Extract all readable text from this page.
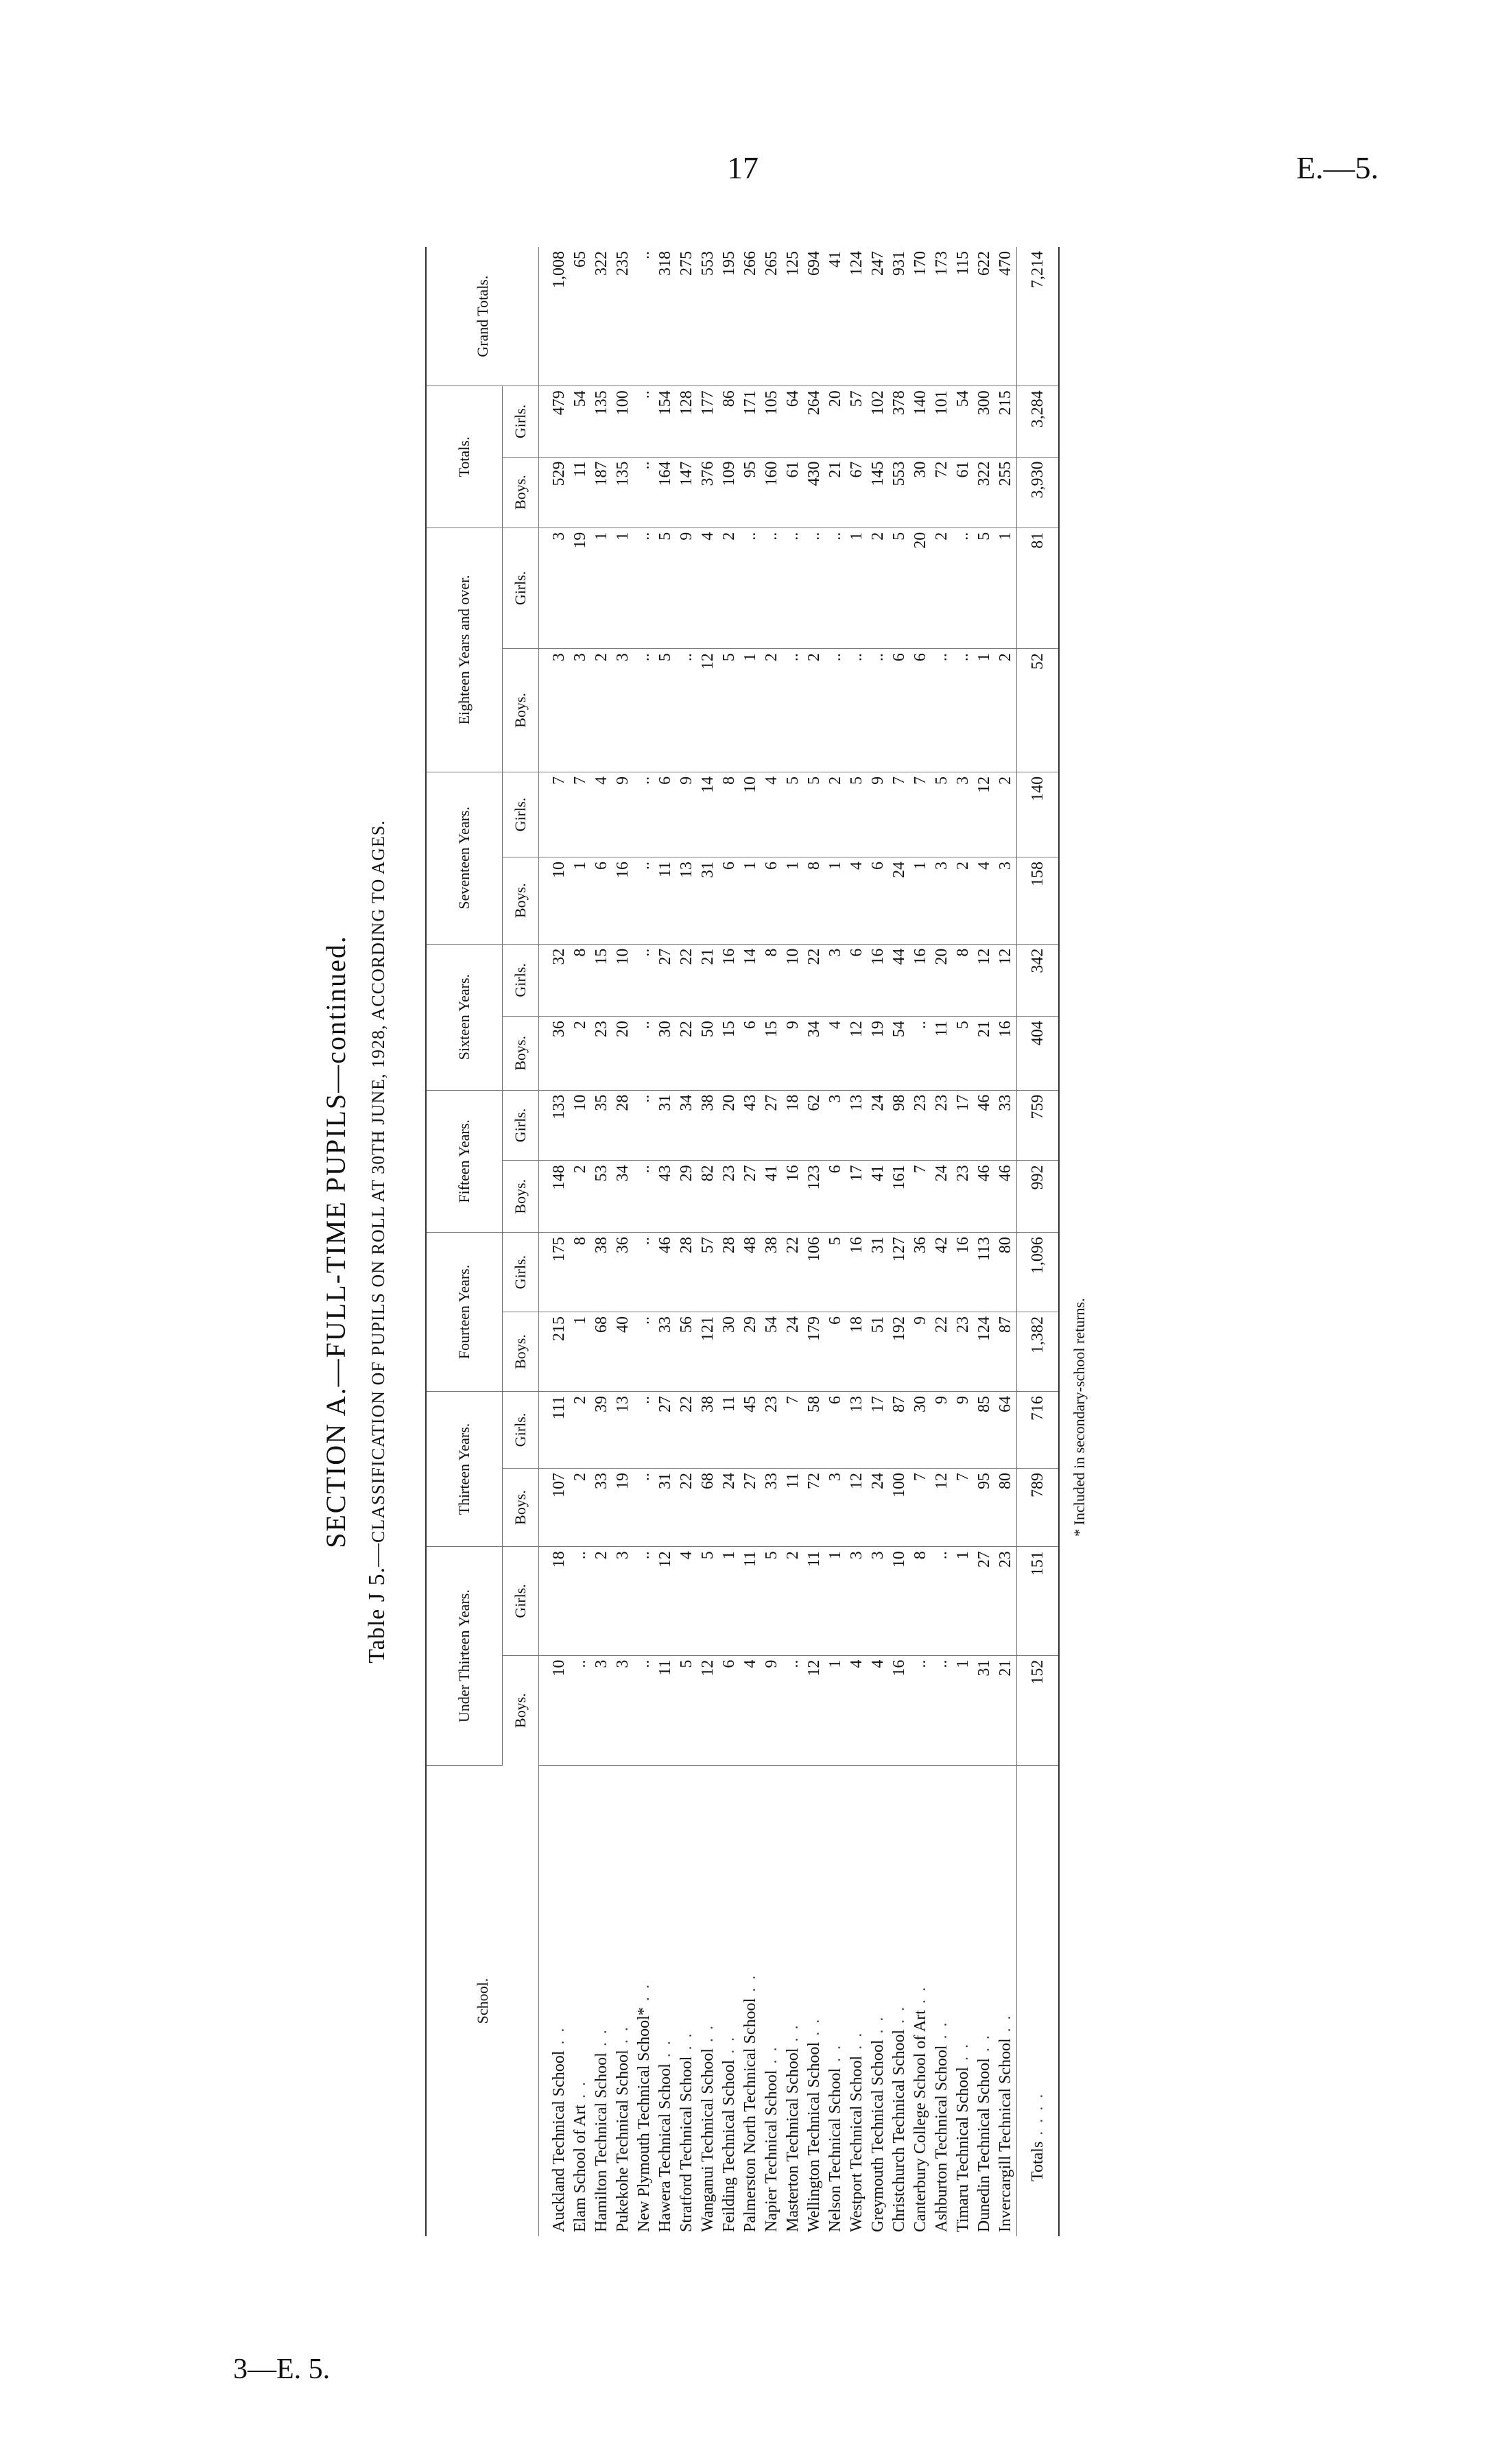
17	E.—5.
3—E. 5.
SECTION A.—FULL-TIME PUPILS—continued.
Table J 5.—CLASSIFICATION OF PUPILS ON ROLL AT 30TH JUNE, 1928, ACCORDING TO AGES.
School.	Under Thirteen Years.		Thirteen Years.		Fourteen Years.		Fifteen Years.		Sixteen Years.		Seventeen Years.		Eighteen Years and over.		Totals.		Grand Totals.
	Boys.	Girls.	Boys.	Girls.	Boys.	Girls.	Boys.	Girls.	Boys.	Girls.	Boys.	Girls.	Boys.	Girls.	Boys.	Girls.	
Auckland Technical School . .	10	18	107	111	215	175	148	133	36	32	10	7	3	3	529	479	1,008
Elam School of Art . .	..	..	2	2	1	8	2	10	2	8	1	7	3	19	11	54	65
Hamilton Technical School . .	3	2	33	39	68	38	53	35	23	15	6	4	2	1	187	135	322
Pukekohe Technical School . .	3	3	19	13	40	36	34	28	20	10	16	9	3	1	135	100	235
New Plymouth Technical School* . .	..	..	..	..	..	..	..	..	..	..	..	..	..	..	..	..	..
Hawera Technical School . .	11	12	31	27	33	46	43	31	30	27	11	6	5	5	164	154	318
Stratford Technical School . .	5	4	22	22	56	28	29	34	22	22	13	9	..	9	147	128	275
Wanganui Technical School . .	12	5	68	38	121	57	82	38	50	21	31	14	12	4	376	177	553
Feilding Technical School . .	6	1	24	11	30	28	23	20	15	16	6	8	5	2	109	86	195
Palmerston North Technical School . .	4	11	27	45	29	48	27	43	6	14	1	10	1	..	95	171	266
Napier Technical School . .	9	5	33	23	54	38	41	27	15	8	6	4	2	..	160	105	265
Masterton Technical School . .	..	2	11	7	24	22	16	18	9	10	1	5	..	..	61	64	125
Wellington Technical School . .	12	11	72	58	179	106	123	62	34	22	8	5	2	..	430	264	694
Nelson Technical School . .	1	1	3	6	6	5	6	3	4	3	1	2	..	..	21	20	41
Westport Technical School . .	4	3	12	13	18	16	17	13	12	6	4	5	..	1	67	57	124
Greymouth Technical School . .	4	3	24	17	51	31	41	24	19	16	6	9	..	2	145	102	247
Christchurch Technical School . .	16	10	100	87	192	127	161	98	54	44	24	7	6	5	553	378	931
Canterbury College School of Art . .	..	8	7	30	9	36	7	23	..	16	1	7	6	20	30	140	170
Ashburton Technical School . .	..	..	12	9	22	42	24	23	11	20	3	5	..	2	72	101	173
Timaru Technical School . .	1	1	7	9	23	16	23	17	5	8	2	3	..	..	61	54	115
Dunedin Technical School . .	31	27	95	85	124	113	46	46	21	12	4	12	1	5	322	300	622
Invercargill Technical School . .	21	23	80	64	87	80	46	33	16	12	3	2	2	1	255	215	470
Totals . . . .	152	151	789	716	1,382	1,096	992	759	404	342	158	140	52	81	3,930	3,284	7,214
* Included in secondary-school returns.
